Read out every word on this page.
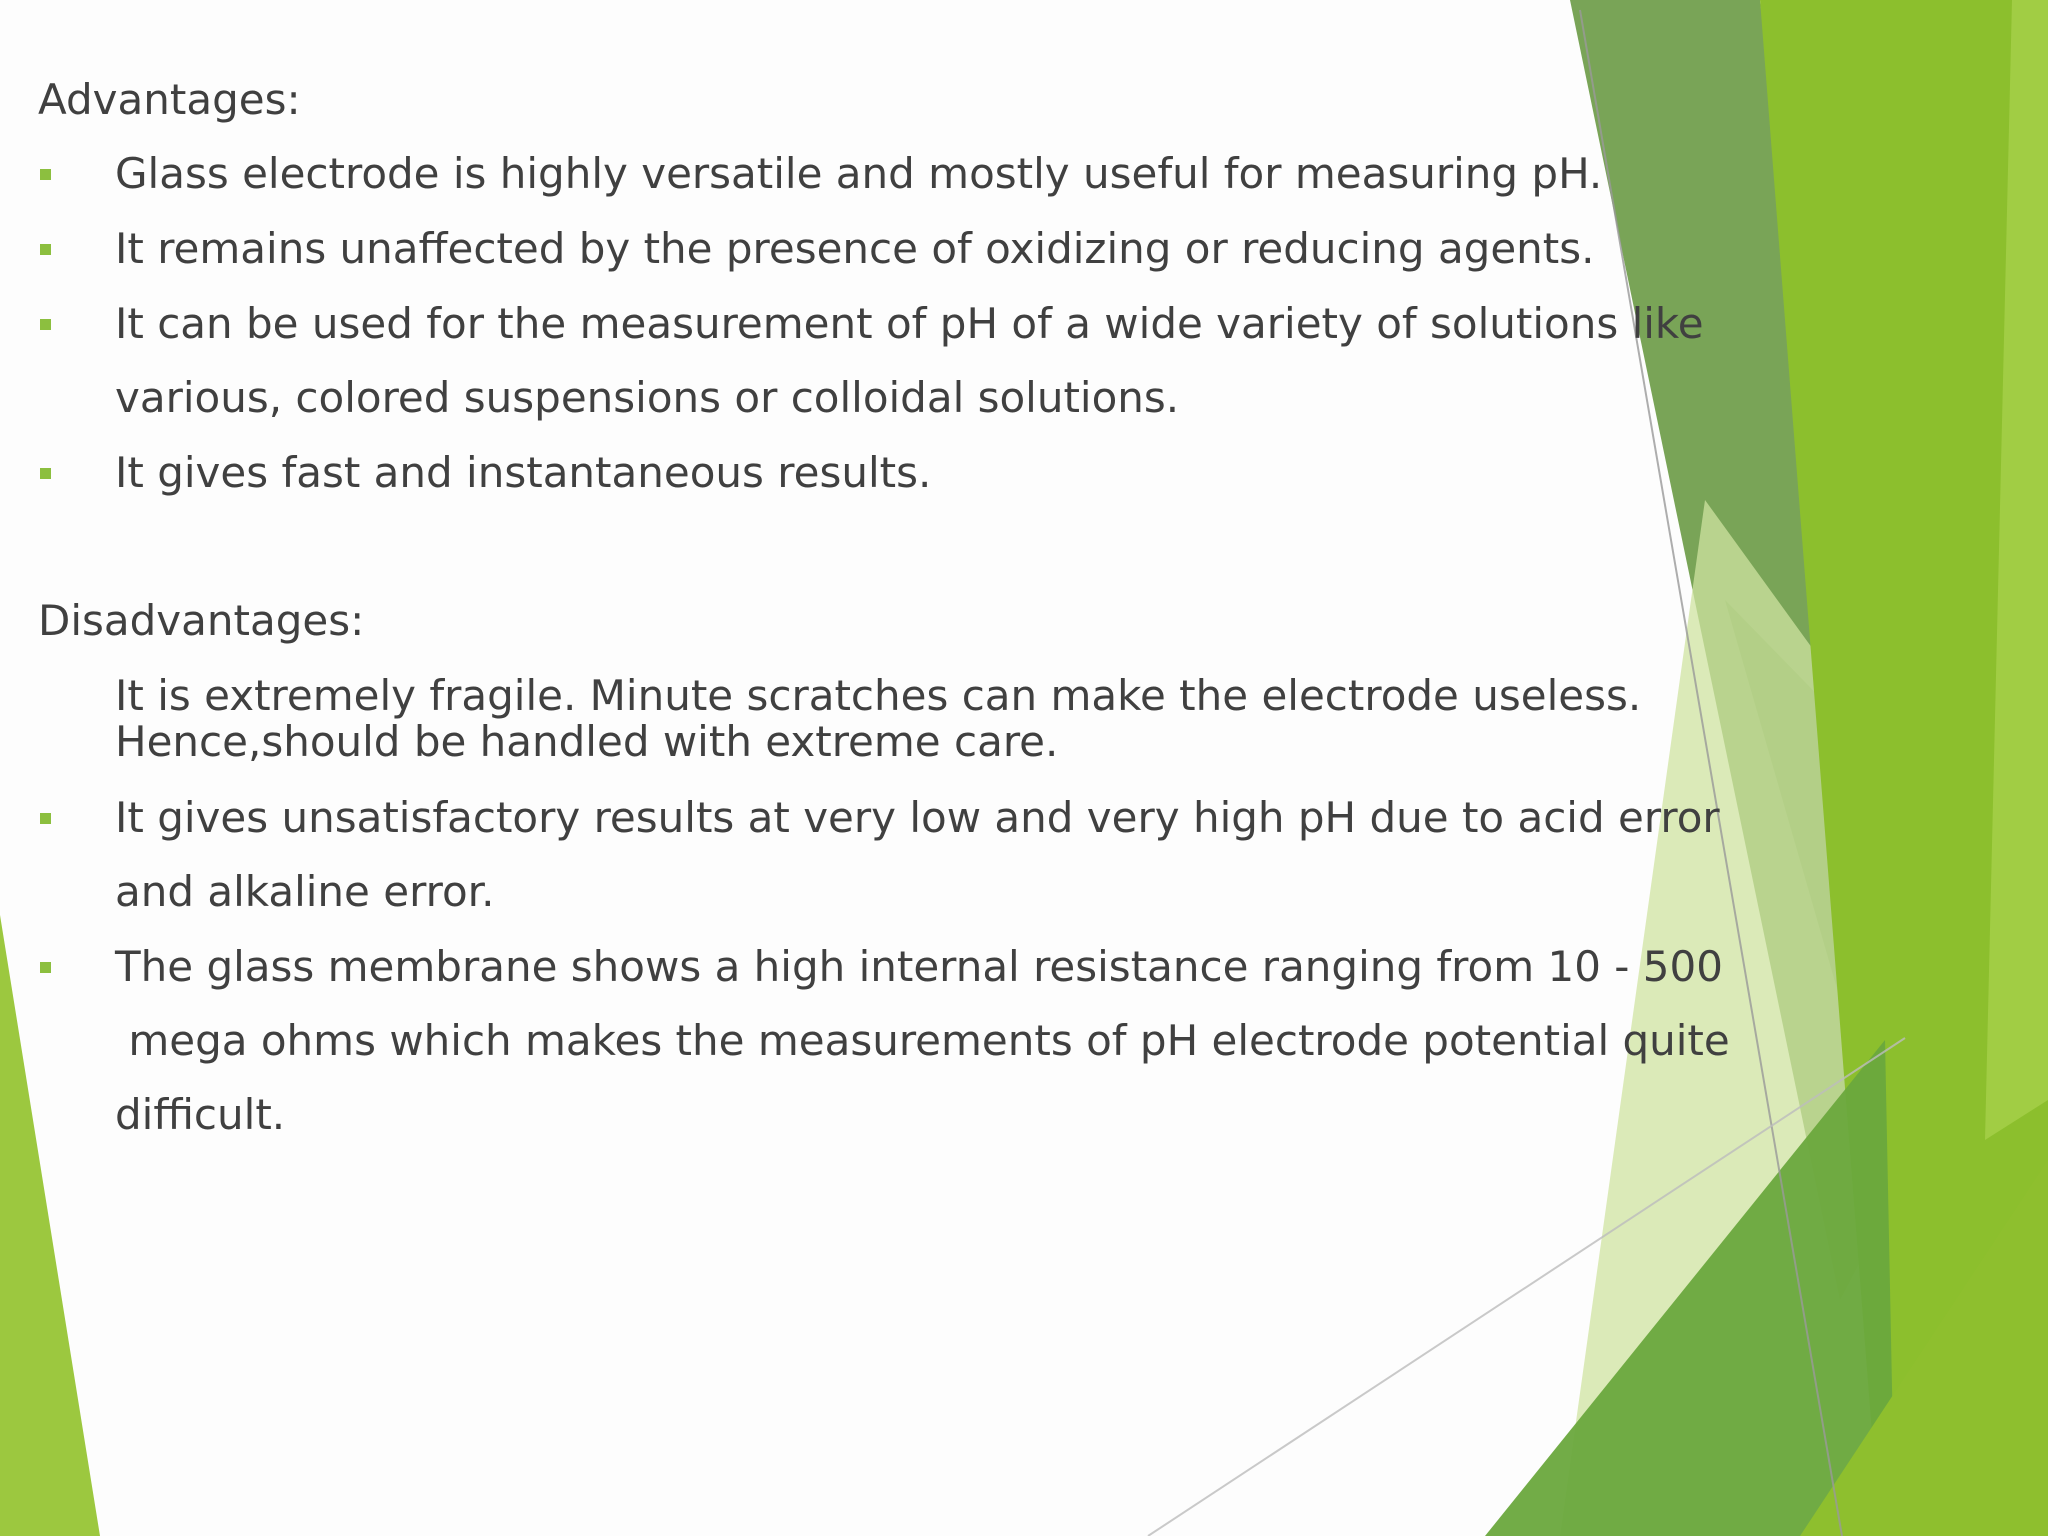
Advantages:
Glass electrode is highly versatile and mostly useful for measuring pH.
It remains unaffected by the presence of oxidizing or reducing agents.
It can be used for the measurement of pH of a wide variety of solutions like
various, colored suspensions or colloidal solutions.
It gives fast and instantaneous results.
Disadvantages:
It is extremely fragile. Minute scratches can make the electrode useless.
Hence,should be handled with extreme care.
It gives unsatisfactory results at very low and very high pH due to acid error
and alkaline error.
The glass membrane shows a high internal resistance ranging from 10 - 500
mega ohms which makes the measurements of pH electrode potential quite
difficult.
